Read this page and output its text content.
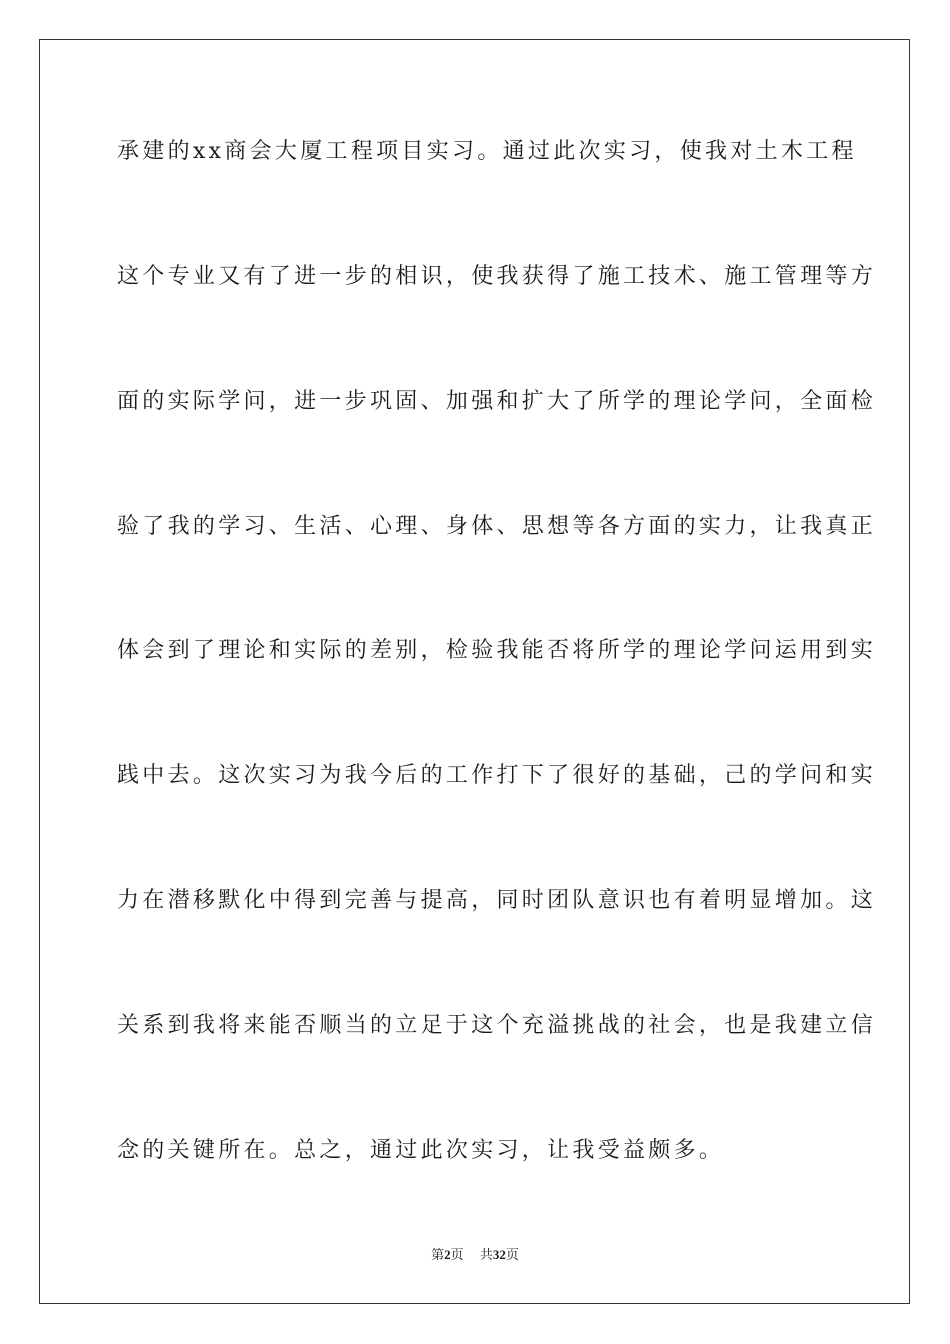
承建的xx商会大厦工程项目实习。通过此次实习，使我对土木工程
这个专业又有了进一步的相识，使我获得了施工技术、施工管理等方
面的实际学问，进一步巩固、加强和扩大了所学的理论学问，全面检
验了我的学习、生活、心理、身体、思想等各方面的实力，让我真正
体会到了理论和实际的差别，检验我能否将所学的理论学问运用到实
践中去。这次实习为我今后的工作打下了很好的基础，己的学问和实
力在潜移默化中得到完善与提高，同时团队意识也有着明显增加。这
关系到我将来能否顺当的立足于这个充溢挑战的社会，也是我建立信
念的关键所在。总之，通过此次实习，让我受益颇多。
第2页 共32页
